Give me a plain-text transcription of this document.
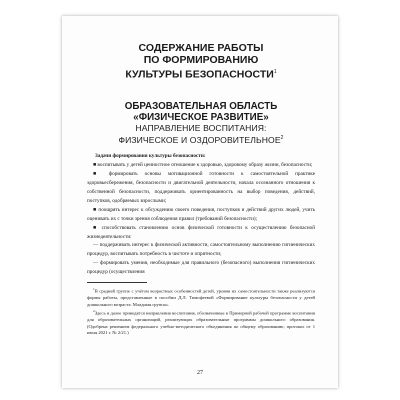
СОДЕРЖАНИЕ РАБОТЫ
ПО ФОРМИРОВАНИЮ
КУЛЬТУРЫ БЕЗОПАСНОСТИ$^1$
ОБРАЗОВАТЕЛЬНАЯ ОБЛАСТЬ
«ФИЗИЧЕСКОЕ РАЗВИТИЕ»
НАПРАВЛЕНИЕ ВОСПИТАНИЯ:
ФИЗИЧЕСКОЕ И ОЗДОРОВИТЕЛЬНОЕ$^2$

Задачи формирования культуры безопасности:

■ воспитывать у детей ценностное отношение к здоровью, здоровому образу жизни, безопасности;

■ формировать основы мотивационной готовности к самостоятельной практике здоровьесбережения, безопасности и двигательной деятельности, начала осознанного отношения к собственной безопасности, поддерживать ориентированность на выбор поведения, действий, поступков, одобряемых взрослыми;

■ поощрять интерес к обсуждению своего поведения, поступков и действий других людей, учить оценивать их с точки зрения соблюдения правил (требований безопасности);

■ способствовать становлению основ физической готовности к осуществлению безопасной жизнедеятельности:

— поддерживать интерес к физической активности, самостоятельному выполнению гигиенических процедур, воспитывать потребность в чистоте и опрятности;

— формировать умения, необходимые для правильного (безопасного) выполнения гигиенических процедур (осуществления

$^1$В средней группе с учётом возрастных особенностей детей, уровня их самостоятельности также реализуются формы работы, представленные в пособии Д.Л. Тимофеевой «Формирование культуры безопасности у детей дошкольного возраста. Младшая группа».

$^2$Здесь и далее приводятся направления воспитания, обозначенные в Примерной рабочей программе воспитания для образовательных организаций, реализующих образовательные программы дошкольного образования. (Одобрена решением федерального учебно-методического объединения по общему образованию; протокол от 1 июля 2021 г. № 2/21.)

27
